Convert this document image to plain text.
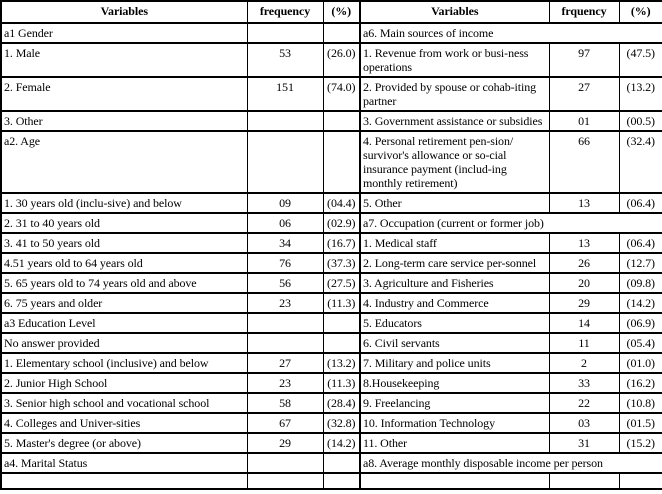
Variables	frequency	(%)	Variables	frquency	(%)
a1 Gender			a6. Main sources of income		
1. Male	53	(26.0)	1. Revenue from work or busi-ness operations	97	(47.5)
2. Female	151	(74.0)	2. Provided by spouse or cohab-iting partner	27	(13.2)
3. Other			3. Government assistance or subsidies	01	(00.5)
a2. Age			4. Personal retirement pen-sion/ survivor's allowance or so-cial insurance payment (includ-ing monthly retirement)	66	(32.4)
1. 30 years old (inclu-sive) and below	09	(04.4)	5. Other	13	(06.4)
2. 31 to 40 years old	06	(02.9)	a7. Occupation (current or former job)		
3. 41 to 50 years old	34	(16.7)	1. Medical staff	13	(06.4)
4.51 years old to 64 years old	76	(37.3)	2. Long-term care service per-sonnel	26	(12.7)
5. 65 years old to 74 years old and above	56	(27.5)	3. Agriculture and Fisheries	20	(09.8)
6. 75 years and older	23	(11.3)	4. Industry and Commerce	29	(14.2)
a3 Education Level			5. Educators	14	(06.9)
No answer provided			6. Civil servants	11	(05.4)
1. Elementary school (inclusive) and below	27	(13.2)	7. Military and police units	2	(01.0)
2. Junior High School	23	(11.3)	8.Housekeeping	33	(16.2)
3. Senior high school and vocational school	58	(28.4)	9. Freelancing	22	(10.8)
4. Colleges and Univer-sities	67	(32.8)	10. Information Technology	03	(01.5)
5. Master's degree (or above)	29	(14.2)	11. Other	31	(15.2)
a4. Marital Status			a8. Average monthly disposable income per person		
